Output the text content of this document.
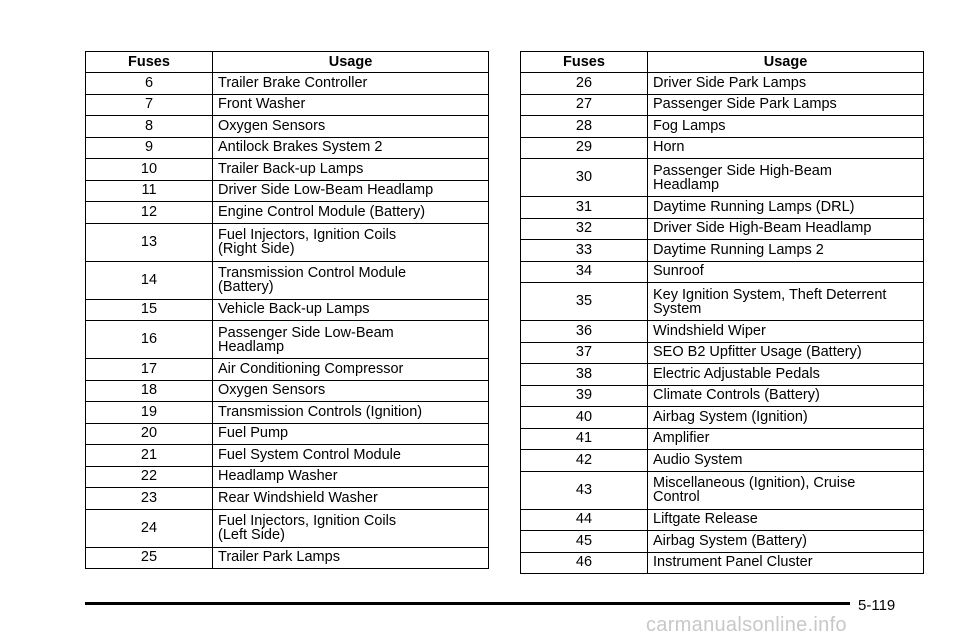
Fuses	Usage
6	Trailer Brake Controller
7	Front Washer
8	Oxygen Sensors
9	Antilock Brakes System 2
10	Trailer Back-up Lamps
11	Driver Side Low-Beam Headlamp
12	Engine Control Module (Battery)
13	Fuel Injectors, Ignition Coils
(Right Side)
14	Transmission Control Module
(Battery)
15	Vehicle Back-up Lamps
16	Passenger Side Low-Beam
Headlamp
17	Air Conditioning Compressor
18	Oxygen Sensors
19	Transmission Controls (Ignition)
20	Fuel Pump
21	Fuel System Control Module
22	Headlamp Washer
23	Rear Windshield Washer
24	Fuel Injectors, Ignition Coils
(Left Side)
25	Trailer Park Lamps
Fuses	Usage
26	Driver Side Park Lamps
27	Passenger Side Park Lamps
28	Fog Lamps
29	Horn
30	Passenger Side High-Beam
Headlamp
31	Daytime Running Lamps (DRL)
32	Driver Side High-Beam Headlamp
33	Daytime Running Lamps 2
34	Sunroof
35	Key Ignition System, Theft Deterrent
System
36	Windshield Wiper
37	SEO B2 Upfitter Usage (Battery)
38	Electric Adjustable Pedals
39	Climate Controls (Battery)
40	Airbag System (Ignition)
41	Amplifier
42	Audio System
43	Miscellaneous (Ignition), Cruise
Control
44	Liftgate Release
45	Airbag System (Battery)
46	Instrument Panel Cluster
5-119
carmanualsonline.info
